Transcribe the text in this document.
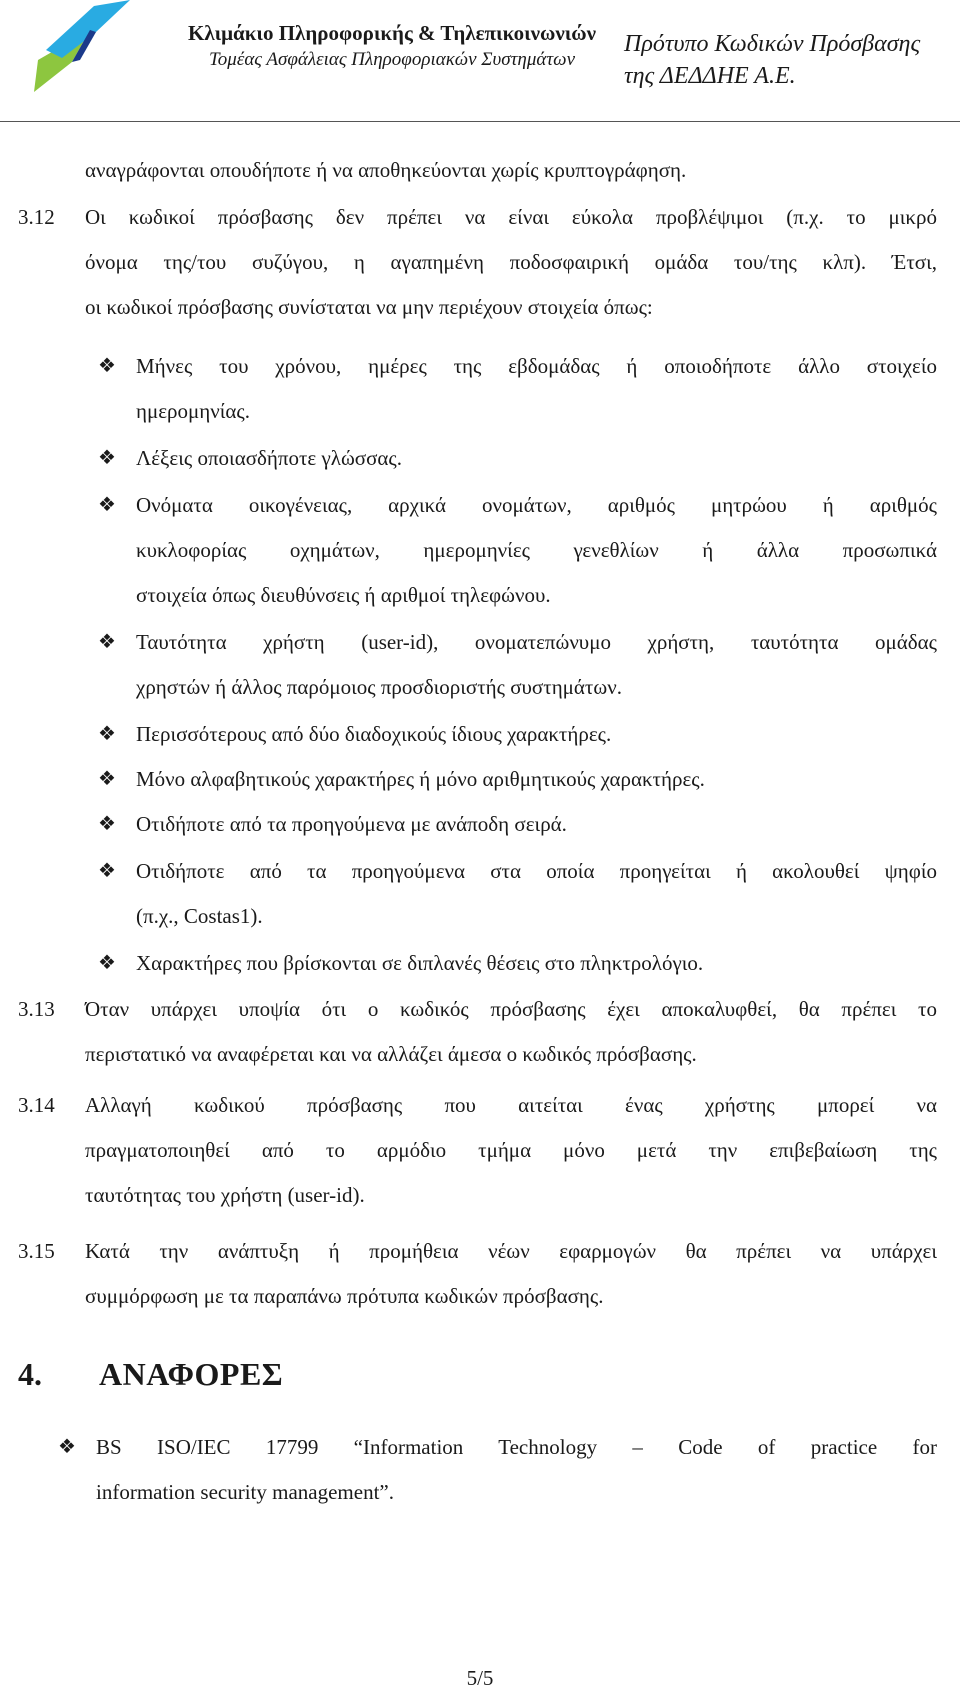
Κλιμάκιο Πληροφορικής & Τηλεπικοινωνιών
Τομέας Ασφάλειας Πληροφοριακών Συστημάτων
Πρότυπο Κωδικών Πρόσβασης
της ΔΕΔΔΗΕ Α.Ε.
αναγράφονται οπουδήποτε ή να αποθηκεύονται χωρίς κρυπτογράφηση.
3.12 Οι κωδικοί πρόσβασης δεν πρέπει να είναι εύκολα προβλέψιμοι (π.χ. το μικρό
όνομα της/του συζύγου, η αγαπημένη ποδοσφαιρική ομάδα του/της κλπ). Έτσι,
οι κωδικοί πρόσβασης συνίσταται να μην περιέχουν στοιχεία όπως:
❖ Μήνες του χρόνου, ημέρες της εβδομάδας ή οποιοδήποτε άλλο στοιχείο
ημερομηνίας.
❖ Λέξεις οποιασδήποτε γλώσσας.
❖ Ονόματα οικογένειας, αρχικά ονομάτων, αριθμός μητρώου ή αριθμός
κυκλοφορίας οχημάτων, ημερομηνίες γενεθλίων ή άλλα προσωπικά
στοιχεία όπως διευθύνσεις ή αριθμοί τηλεφώνου.
❖ Ταυτότητα χρήστη (user-id), ονοματεπώνυμο χρήστη, ταυτότητα ομάδας
χρηστών ή άλλος παρόμοιος προσδιοριστής συστημάτων.
❖ Περισσότερους από δύο διαδοχικούς ίδιους χαρακτήρες.
❖ Μόνο αλφαβητικούς χαρακτήρες ή μόνο αριθμητικούς χαρακτήρες.
❖ Οτιδήποτε από τα προηγούμενα με ανάποδη σειρά.
❖ Οτιδήποτε από τα προηγούμενα στα οποία προηγείται ή ακολουθεί ψηφίο
(π.χ., Costas1).
❖ Χαρακτήρες που βρίσκονται σε διπλανές θέσεις στο πληκτρολόγιο.
3.13 Όταν υπάρχει υποψία ότι ο κωδικός πρόσβασης έχει αποκαλυφθεί, θα πρέπει το
περιστατικό να αναφέρεται και να αλλάζει άμεσα ο κωδικός πρόσβασης.
3.14 Αλλαγή κωδικού πρόσβασης που αιτείται ένας χρήστης μπορεί να
πραγματοποιηθεί από το αρμόδιο τμήμα μόνο μετά την επιβεβαίωση της
ταυτότητας του χρήστη (user-id).
3.15 Κατά την ανάπτυξη ή προμήθεια νέων εφαρμογών θα πρέπει να υπάρχει
συμμόρφωση με τα παραπάνω πρότυπα κωδικών πρόσβασης.
4. ΑΝΑΦΟΡΕΣ
❖ BS ISO/IEC 17799 “Information Technology – Code of practice for
information security management”.
5/5
